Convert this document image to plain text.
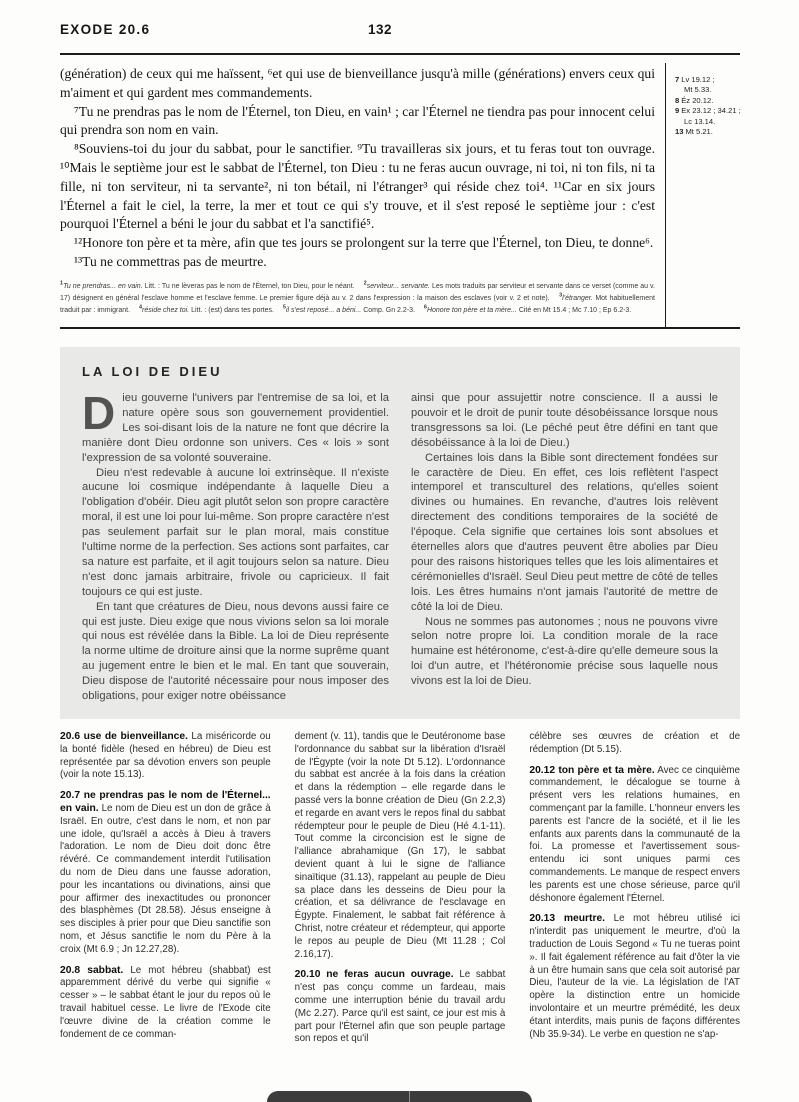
EXODE 20.6	132

(génération) de ceux qui me haïssent, ⁶et qui use de bienveillance jusqu'à mille (générations) envers ceux qui m'aiment et qui gardent mes commandements.

⁷Tu ne prendras pas le nom de l'Éternel, ton Dieu, en vain¹ ; car l'Éternel ne tiendra pas pour innocent celui qui prendra son nom en vain.

⁸Souviens-toi du jour du sabbat, pour le sanctifier. ⁹Tu travailleras six jours, et tu feras tout ton ouvrage. ¹⁰Mais le septième jour est le sabbat de l'Éternel, ton Dieu : tu ne feras aucun ouvrage, ni toi, ni ton fils, ni ta fille, ni ton serviteur, ni ta servante², ni ton bétail, ni l'étranger³ qui réside chez toi⁴. ¹¹Car en six jours l'Éternel a fait le ciel, la terre, la mer et tout ce qui s'y trouve, et il s'est reposé le septième jour : c'est pourquoi l'Éternel a béni le jour du sabbat et l'a sanctifié⁵.

¹²Honore ton père et ta mère, afin que tes jours se prolongent sur la terre que l'Éternel, ton Dieu, te donne⁶.

¹³Tu ne commettras pas de meurtre.

$^1$Tu ne prendras... en vain. Litt. : Tu ne lèveras pas le nom de l'Éternel, ton Dieu, pour le néant. $^2$serviteur... servante. Les mots traduits par serviteur et servante dans ce verset (comme au v. 17) désignent en général l'esclave homme et l'esclave femme. Le premier figure déjà au v. 2 dans l'expression : la maison des esclaves (voir v. 2 et note). $^3$l'étranger. Mot habituellement traduit par : immigrant. $^4$réside chez toi. Litt. : (est) dans tes portes. $^5$il s'est reposé... a béni... Comp. Gn 2.2-3. $^6$Honore ton père et ta mère... Cité en Mt 15.4 ; Mc 7.10 ; Ep 6.2-3.
7 Lv 19.12 ;
Mt 5.33.
8 Éz 20.12.
9 Ex 23.12 ; 34.21 ;
Lc 13.14.
13 Mt 5.21.
LA LOI DE DIEU

Dieu gouverne l'univers par l'entremise de sa loi, et la nature opère sous son gouvernement providentiel. Les soi-disant lois de la nature ne font que décrire la manière dont Dieu ordonne son univers. Ces « lois » sont l'expression de sa volonté souveraine.

Dieu n'est redevable à aucune loi extrinsèque. Il n'existe aucune loi cosmique indépendante à laquelle Dieu a l'obligation d'obéir. Dieu agit plutôt selon son propre caractère moral, il est une loi pour lui-même. Son propre caractère n'est pas seulement parfait sur le plan moral, mais constitue l'ultime norme de la perfection. Ses actions sont parfaites, car sa nature est parfaite, et il agit toujours selon sa nature. Dieu n'est donc jamais arbitraire, frivole ou capricieux. Il fait toujours ce qui est juste.

En tant que créatures de Dieu, nous devons aussi faire ce qui est juste. Dieu exige que nous vivions selon sa loi morale qui nous est révélée dans la Bible. La loi de Dieu représente la norme ultime de droiture ainsi que la norme suprême quant au jugement entre le bien et le mal. En tant que souverain, Dieu dispose de l'autorité nécessaire pour nous imposer des obligations, pour exiger notre obéissance

ainsi que pour assujettir notre conscience. Il a aussi le pouvoir et le droit de punir toute désobéissance lorsque nous transgressons sa loi. (Le péché peut être défini en tant que désobéissance à la loi de Dieu.)

Certaines lois dans la Bible sont directement fondées sur le caractère de Dieu. En effet, ces lois reflètent l'aspect intemporel et transculturel des relations, qu'elles soient divines ou humaines. En revanche, d'autres lois relèvent directement des conditions temporaires de la société de l'époque. Cela signifie que certaines lois sont absolues et éternelles alors que d'autres peuvent être abolies par Dieu pour des raisons historiques telles que les lois alimentaires et cérémonielles d'Israël. Seul Dieu peut mettre de côté de telles lois. Les êtres humains n'ont jamais l'autorité de mettre de côté la loi de Dieu.

Nous ne sommes pas autonomes ; nous ne pouvons vivre selon notre propre loi. La condition morale de la race humaine est hétéronome, c'est-à-dire qu'elle demeure sous la loi d'un autre, et l'hétéronomie précise sous laquelle nous vivons est la loi de Dieu.

20.6 use de bienveillance. La miséricorde ou la bonté fidèle (hesed en hébreu) de Dieu est représentée par sa dévotion envers son peuple (voir la note 15.13).

20.7 ne prendras pas le nom de l'Éternel... en vain. Le nom de Dieu est un don de grâce à Israël. En outre, c'est dans le nom, et non par une idole, qu'Israël a accès à Dieu à travers l'adoration. Le nom de Dieu doit donc être révéré. Ce commandement interdit l'utilisation du nom de Dieu dans une fausse adoration, pour les incantations ou divinations, ainsi que pour affirmer des inexactitudes ou prononcer des blasphèmes (Dt 28.58). Jésus enseigne à ses disciples à prier pour que Dieu sanctifie son nom, et Jésus sanctifie le nom du Père à la croix (Mt 6.9 ; Jn 12.27,28).

20.8 sabbat. Le mot hébreu (shabbat) est apparemment dérivé du verbe qui signifie « cesser » – le sabbat étant le jour du repos où le travail habituel cesse. Le livre de l'Exode cite l'œuvre divine de la création comme le fondement de ce comman-

dement (v. 11), tandis que le Deutéronome base l'ordonnance du sabbat sur la libération d'Israël de l'Égypte (voir la note Dt 5.12). L'ordonnance du sabbat est ancrée à la fois dans la création et dans la rédemption – elle regarde dans le passé vers la bonne création de Dieu (Gn 2.2,3) et regarde en avant vers le repos final du sabbat rédempteur pour le peuple de Dieu (Hé 4.1-11). Tout comme la circoncision est le signe de l'alliance abrahamique (Gn 17), le sabbat devient quant à lui le signe de l'alliance sinaïtique (31.13), rappelant au peuple de Dieu sa place dans les desseins de Dieu pour la création, et sa délivrance de l'esclavage en Égypte. Finalement, le sabbat fait référence à Christ, notre créateur et rédempteur, qui apporte le repos au peuple de Dieu (Mt 11.28 ; Col 2.16,17).

20.10 ne feras aucun ouvrage. Le sabbat n'est pas conçu comme un fardeau, mais comme une interruption bénie du travail ardu (Mc 2.27). Parce qu'il est saint, ce jour est mis à part pour l'Éternel afin que son peuple partage son repos et qu'il

célèbre ses œuvres de création et de rédemption (Dt 5.15).

20.12 ton père et ta mère. Avec ce cinquième commandement, le décalogue se tourne à présent vers les relations humaines, en commençant par la famille. L'honneur envers les parents est l'ancre de la société, et il lie les enfants aux parents dans la communauté de la foi. La promesse et l'avertissement sous-entendu ici sont uniques parmi ces commandements. Le manque de respect envers les parents est une chose sérieuse, parce qu'il déshonore également l'Éternel.

20.13 meurtre. Le mot hébreu utilisé ici n'interdit pas uniquement le meurtre, d'où la traduction de Louis Segond « Tu ne tueras point ». Il fait également référence au fait d'ôter la vie à un être humain sans que cela soit autorisé par Dieu, l'auteur de la vie. La législation de l'AT opère la distinction entre un homicide involontaire et un meurtre prémédité, les deux étant interdits, mais punis de façons différentes (Nb 35.9-34). Le verbe en question ne s'ap-
